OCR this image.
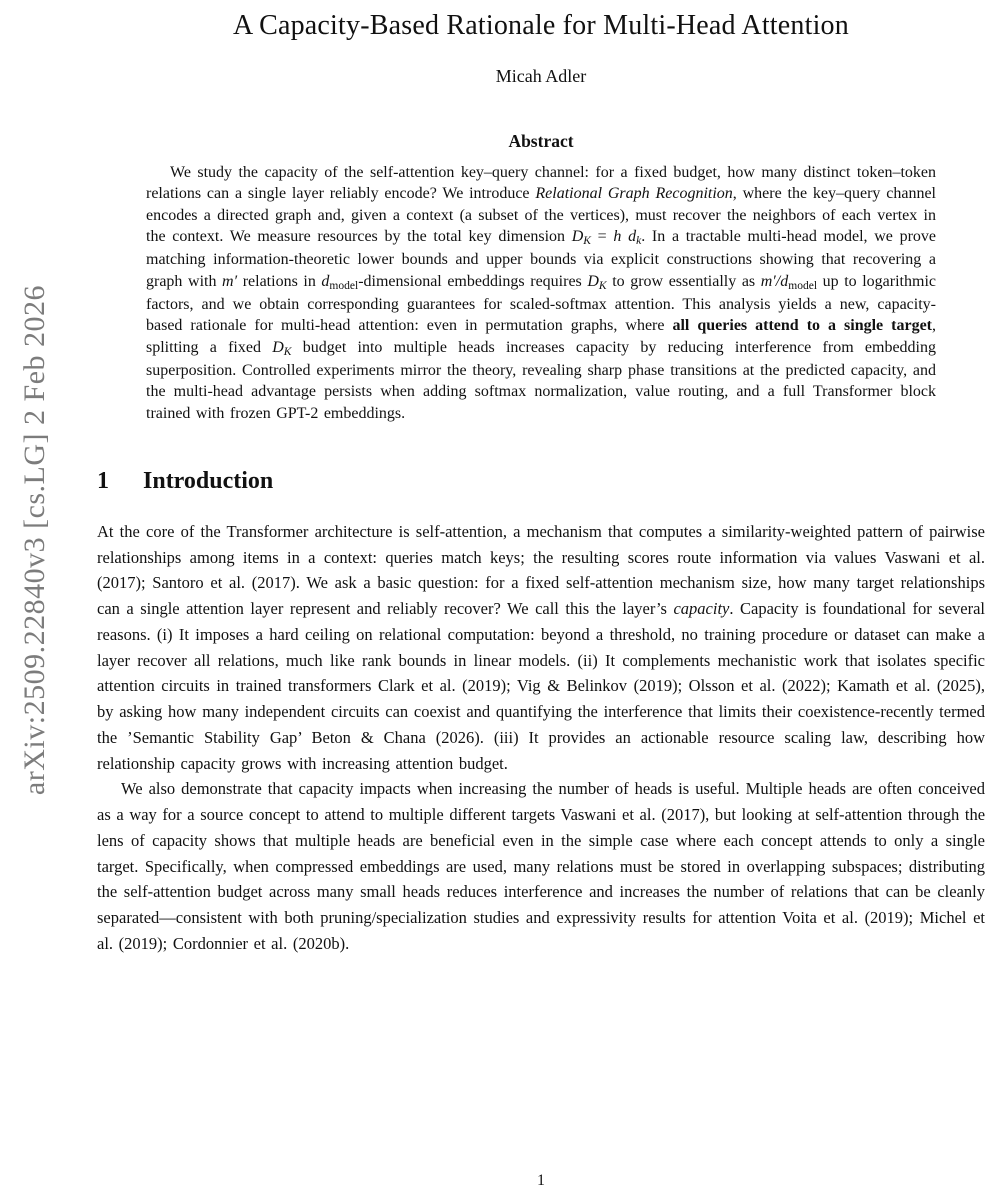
arXiv:2509.22840v3 [cs.LG] 2 Feb 2026
A Capacity-Based Rationale for Multi-Head Attention
Micah Adler
Abstract

We study the capacity of the self-attention key–query channel: for a fixed budget, how many distinct token–token relations can a single layer reliably encode? We introduce Relational Graph Recognition, where the key–query channel encodes a directed graph and, given a context (a subset of the vertices), must recover the neighbors of each vertex in the context. We measure resources by the total key dimension $D_K = h$ $d_k$. In a tractable multi-head model, we prove matching information-theoretic lower bounds and upper bounds via explicit constructions showing that recovering a graph with m′ relations in $d_{model}$-dimensional embeddings requires $D_K$ to grow essentially as $m'/d_{model}$ up to logarithmic factors, and we obtain corresponding guarantees for scaled-softmax attention. This analysis yields a new, capacity-based rationale for multi-head attention: even in permutation graphs, where all queries attend to a single target, splitting a fixed $D_K$ budget into multiple heads increases capacity by reducing interference from embedding superposition. Controlled experiments mirror the theory, revealing sharp phase transitions at the predicted capacity, and the multi-head advantage persists when adding softmax normalization, value routing, and a full Transformer block trained with frozen GPT-2 embeddings.

1 Introduction

At the core of the Transformer architecture is self-attention, a mechanism that computes a similarity-weighted pattern of pairwise relationships among items in a context: queries match keys; the resulting scores route information via values Vaswani et al. (2017); Santoro et al. (2017). We ask a basic question: for a fixed self-attention mechanism size, how many target relationships can a single attention layer represent and reliably recover? We call this the layer’s capacity. Capacity is foundational for several reasons. (i) It imposes a hard ceiling on relational computation: beyond a threshold, no training procedure or dataset can make a layer recover all relations, much like rank bounds in linear models. (ii) It complements mechanistic work that isolates specific attention circuits in trained transformers Clark et al. (2019); Vig & Belinkov (2019); Olsson et al. (2022); Kamath et al. (2025), by asking how many independent circuits can coexist and quantifying the interference that limits their coexistence-recently termed the ’Semantic Stability Gap’ Beton & Chana (2026). (iii) It provides an actionable resource scaling law, describing how relationship capacity grows with increasing attention budget.

We also demonstrate that capacity impacts when increasing the number of heads is useful. Multiple heads are often conceived as a way for a source concept to attend to multiple different targets Vaswani et al. (2017), but looking at self-attention through the lens of capacity shows that multiple heads are beneficial even in the simple case where each concept attends to only a single target. Specifically, when compressed embeddings are used, many relations must be stored in overlapping subspaces; distributing the self-attention budget across many small heads reduces interference and increases the number of relations that can be cleanly separated—consistent with both pruning/specialization studies and expressivity results for attention Voita et al. (2019); Michel et al. (2019); Cordonnier et al. (2020b).

1
